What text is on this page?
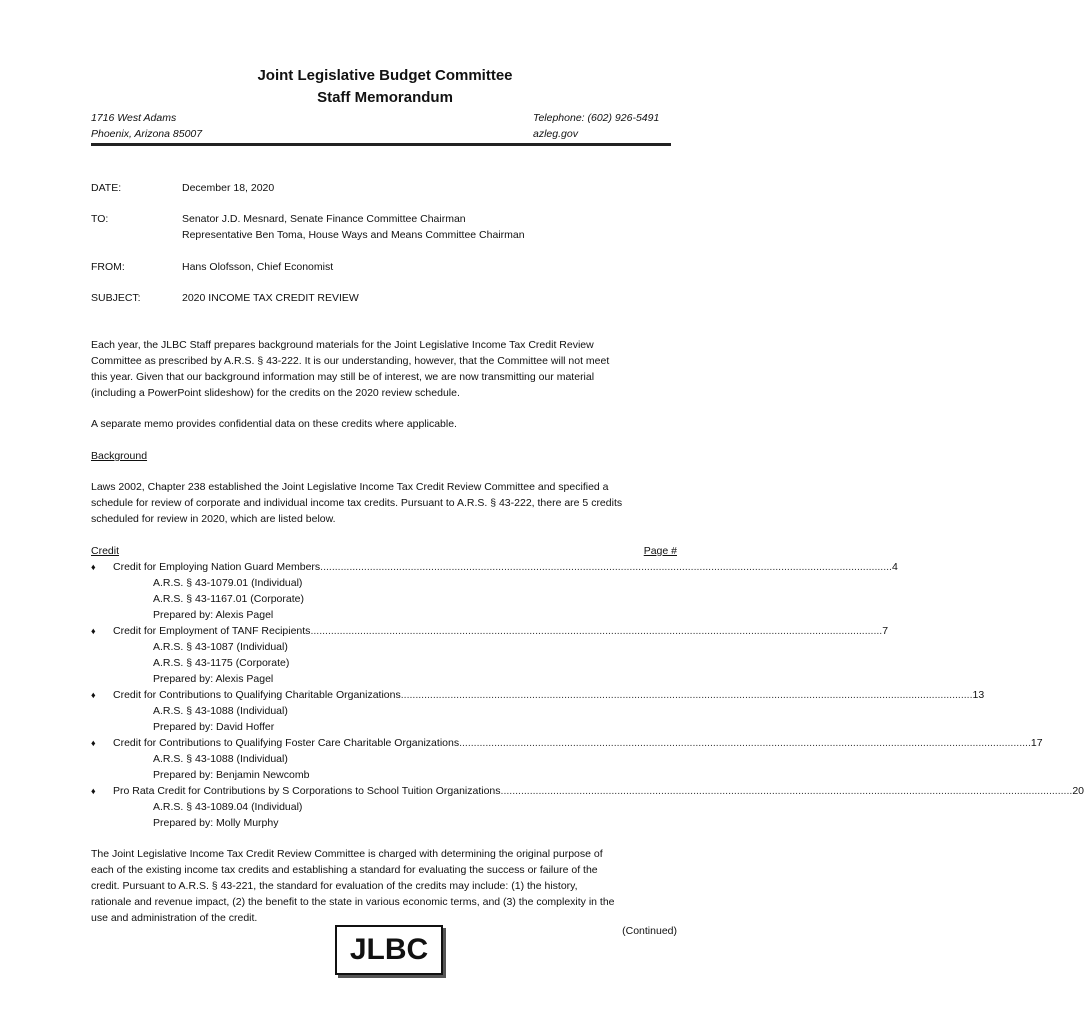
Joint Legislative Budget Committee
Staff Memorandum
1716 West Adams
Phoenix, Arizona 85007
Telephone: (602) 926-5491
azleg.gov
DATE:	December 18, 2020
TO:	Senator J.D. Mesnard, Senate Finance Committee Chairman
Representative Ben Toma, House Ways and Means Committee Chairman
FROM:	Hans Olofsson, Chief Economist
SUBJECT:	2020 INCOME TAX CREDIT REVIEW
Each year, the JLBC Staff prepares background materials for the Joint Legislative Income Tax Credit Review
Committee as prescribed by A.R.S. § 43-222. It is our understanding, however, that the Committee will not meet
this year. Given that our background information may still be of interest, we are now transmitting our material
(including a PowerPoint slideshow) for the credits on the 2020 review schedule.
A separate memo provides confidential data on these credits where applicable.
Background
Laws 2002, Chapter 238 established the Joint Legislative Income Tax Credit Review Committee and specified a
schedule for review of corporate and individual income tax credits. Pursuant to A.R.S. § 43-222, there are 5 credits
scheduled for review in 2020, which are listed below.
Credit	Page #
♦	Credit for Employing Nation Guard Members .................................................................................................................................................................................................... 4
A.R.S. § 43-1079.01 (Individual)
A.R.S. § 43-1167.01 (Corporate)
Prepared by: Alexis Pagel
♦	Credit for Employment of TANF Recipients .................................................................................................................................................................................................... 7
A.R.S. § 43-1087 (Individual)
A.R.S. § 43-1175 (Corporate)
Prepared by: Alexis Pagel
♦	Credit for Contributions to Qualifying Charitable Organizations .................................................................................................................................................................................................... 13
A.R.S. § 43-1088 (Individual)
Prepared by: David Hoffer
♦	Credit for Contributions to Qualifying Foster Care Charitable Organizations .................................................................................................................................................................................................... 17
A.R.S. § 43-1088 (Individual)
Prepared by: Benjamin Newcomb
♦	Pro Rata Credit for Contributions by S Corporations to School Tuition Organizations .................................................................................................................................................................................................... 20
A.R.S. § 43-1089.04 (Individual)
Prepared by: Molly Murphy
The Joint Legislative Income Tax Credit Review Committee is charged with determining the original purpose of
each of the existing income tax credits and establishing a standard for evaluating the success or failure of the
credit. Pursuant to A.R.S. § 43-221, the standard for evaluation of the credits may include: (1) the history,
rationale and revenue impact, (2) the benefit to the state in various economic terms, and (3) the complexity in the
use and administration of the credit.
(Continued)
JLBC
